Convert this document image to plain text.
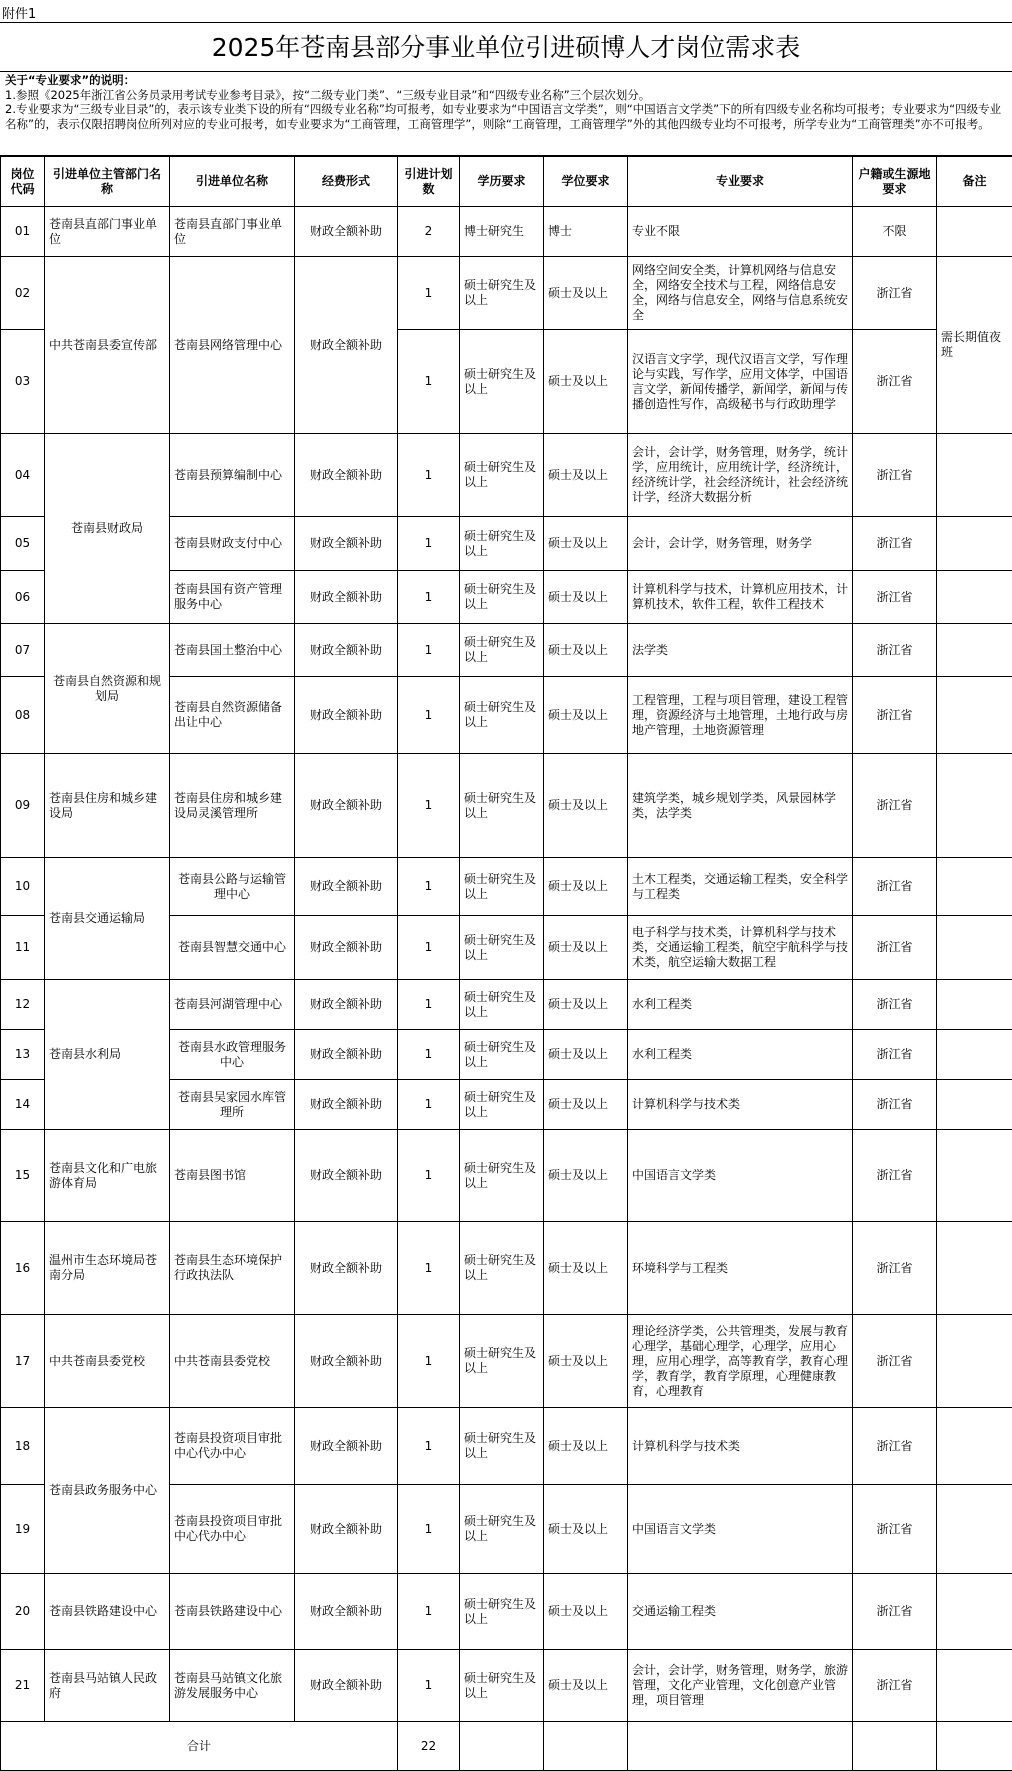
附件1
2025年苍南县部分事业单位引进硕博人才岗位需求表
关于“专业要求”的说明：
1.参照《2025年浙江省公务员录用考试专业参考目录》，按“二级专业门类”、“三级专业目录”和“四级专业名称”三个层次划分。
2.专业要求为“三级专业目录”的，表示该专业类下设的所有“四级专业名称”均可报考，如专业要求为“中国语言文学类”，则“中国语言文学类”下的所有四级专业名称均可报考；专业要求为“四级专业名称”的，表示仅限招聘岗位所列对应的专业可报考，如专业要求为“工商管理，工商管理学”，则除“工商管理，工商管理学”外的其他四级专业均不可报考，所学专业为“工商管理类”亦不可报考。
岗位代码	引进单位主管部门名称	引进单位名称	经费形式	引进计划数	学历要求	学位要求	专业要求	户籍或生源地要求	备注
01	苍南县直部门事业单位	苍南县直部门事业单位	财政全额补助	2	博士研究生	博士	专业不限	不限	
02	中共苍南县委宣传部	苍南县网络管理中心	财政全额补助	1	硕士研究生及以上	硕士及以上	网络空间安全类，计算机网络与信息安全，网络安全技术与工程，网络信息安全，网络与信息安全，网络与信息系统安全	浙江省	需长期值夜班
03				1	硕士研究生及以上	硕士及以上	汉语言文字学，现代汉语言文学，写作理论与实践，写作学，应用文体学，中国语言文学，新闻传播学，新闻学，新闻与传播创造性写作，高级秘书与行政助理学	浙江省	
04	苍南县财政局	苍南县预算编制中心	财政全额补助	1	硕士研究生及以上	硕士及以上	会计，会计学，财务管理，财务学，统计学，应用统计，应用统计学，经济统计，经济统计学，社会经济统计，社会经济统计学，经济大数据分析	浙江省	
05		苍南县财政支付中心	财政全额补助	1	硕士研究生及以上	硕士及以上	会计，会计学，财务管理，财务学	浙江省	
06		苍南县国有资产管理服务中心	财政全额补助	1	硕士研究生及以上	硕士及以上	计算机科学与技术，计算机应用技术，计算机技术，软件工程，软件工程技术	浙江省	
07	苍南县自然资源和规划局	苍南县国土整治中心	财政全额补助	1	硕士研究生及以上	硕士及以上	法学类	浙江省	
08		苍南县自然资源储备出让中心	财政全额补助	1	硕士研究生及以上	硕士及以上	工程管理，工程与项目管理，建设工程管理，资源经济与土地管理，土地行政与房地产管理，土地资源管理	浙江省	
09	苍南县住房和城乡建设局	苍南县住房和城乡建设局灵溪管理所	财政全额补助	1	硕士研究生及以上	硕士及以上	建筑学类，城乡规划学类，风景园林学类，法学类	浙江省	
10	苍南县交通运输局	苍南县公路与运输管理中心	财政全额补助	1	硕士研究生及以上	硕士及以上	土木工程类，交通运输工程类，安全科学与工程类	浙江省	
11		苍南县智慧交通中心	财政全额补助	1	硕士研究生及以上	硕士及以上	电子科学与技术类，计算机科学与技术类，交通运输工程类，航空宇航科学与技术类，航空运输大数据工程	浙江省	
12	苍南县水利局	苍南县河湖管理中心	财政全额补助	1	硕士研究生及以上	硕士及以上	水利工程类	浙江省	
13		苍南县水政管理服务中心	财政全额补助	1	硕士研究生及以上	硕士及以上	水利工程类	浙江省	
14		苍南县吴家园水库管理所	财政全额补助	1	硕士研究生及以上	硕士及以上	计算机科学与技术类	浙江省	
15	苍南县文化和广电旅游体育局	苍南县图书馆	财政全额补助	1	硕士研究生及以上	硕士及以上	中国语言文学类	浙江省	
16	温州市生态环境局苍南分局	苍南县生态环境保护行政执法队	财政全额补助	1	硕士研究生及以上	硕士及以上	环境科学与工程类	浙江省	
17	中共苍南县委党校	中共苍南县委党校	财政全额补助	1	硕士研究生及以上	硕士及以上	理论经济学类，公共管理类，发展与教育心理学，基础心理学，心理学，应用心理，应用心理学，高等教育学，教育心理学，教育学，教育学原理，心理健康教育，心理教育	浙江省	
18	苍南县政务服务中心	苍南县投资项目审批中心代办中心	财政全额补助	1	硕士研究生及以上	硕士及以上	计算机科学与技术类	浙江省	
19		苍南县投资项目审批中心代办中心	财政全额补助	1	硕士研究生及以上	硕士及以上	中国语言文学类	浙江省	
20	苍南县铁路建设中心	苍南县铁路建设中心	财政全额补助	1	硕士研究生及以上	硕士及以上	交通运输工程类	浙江省	
21	苍南县马站镇人民政府	苍南县马站镇文化旅游发展服务中心	财政全额补助	1	硕士研究生及以上	硕士及以上	会计，会计学，财务管理，财务学，旅游管理，文化产业管理，文化创意产业管理，项目管理	浙江省	
合计				22					
